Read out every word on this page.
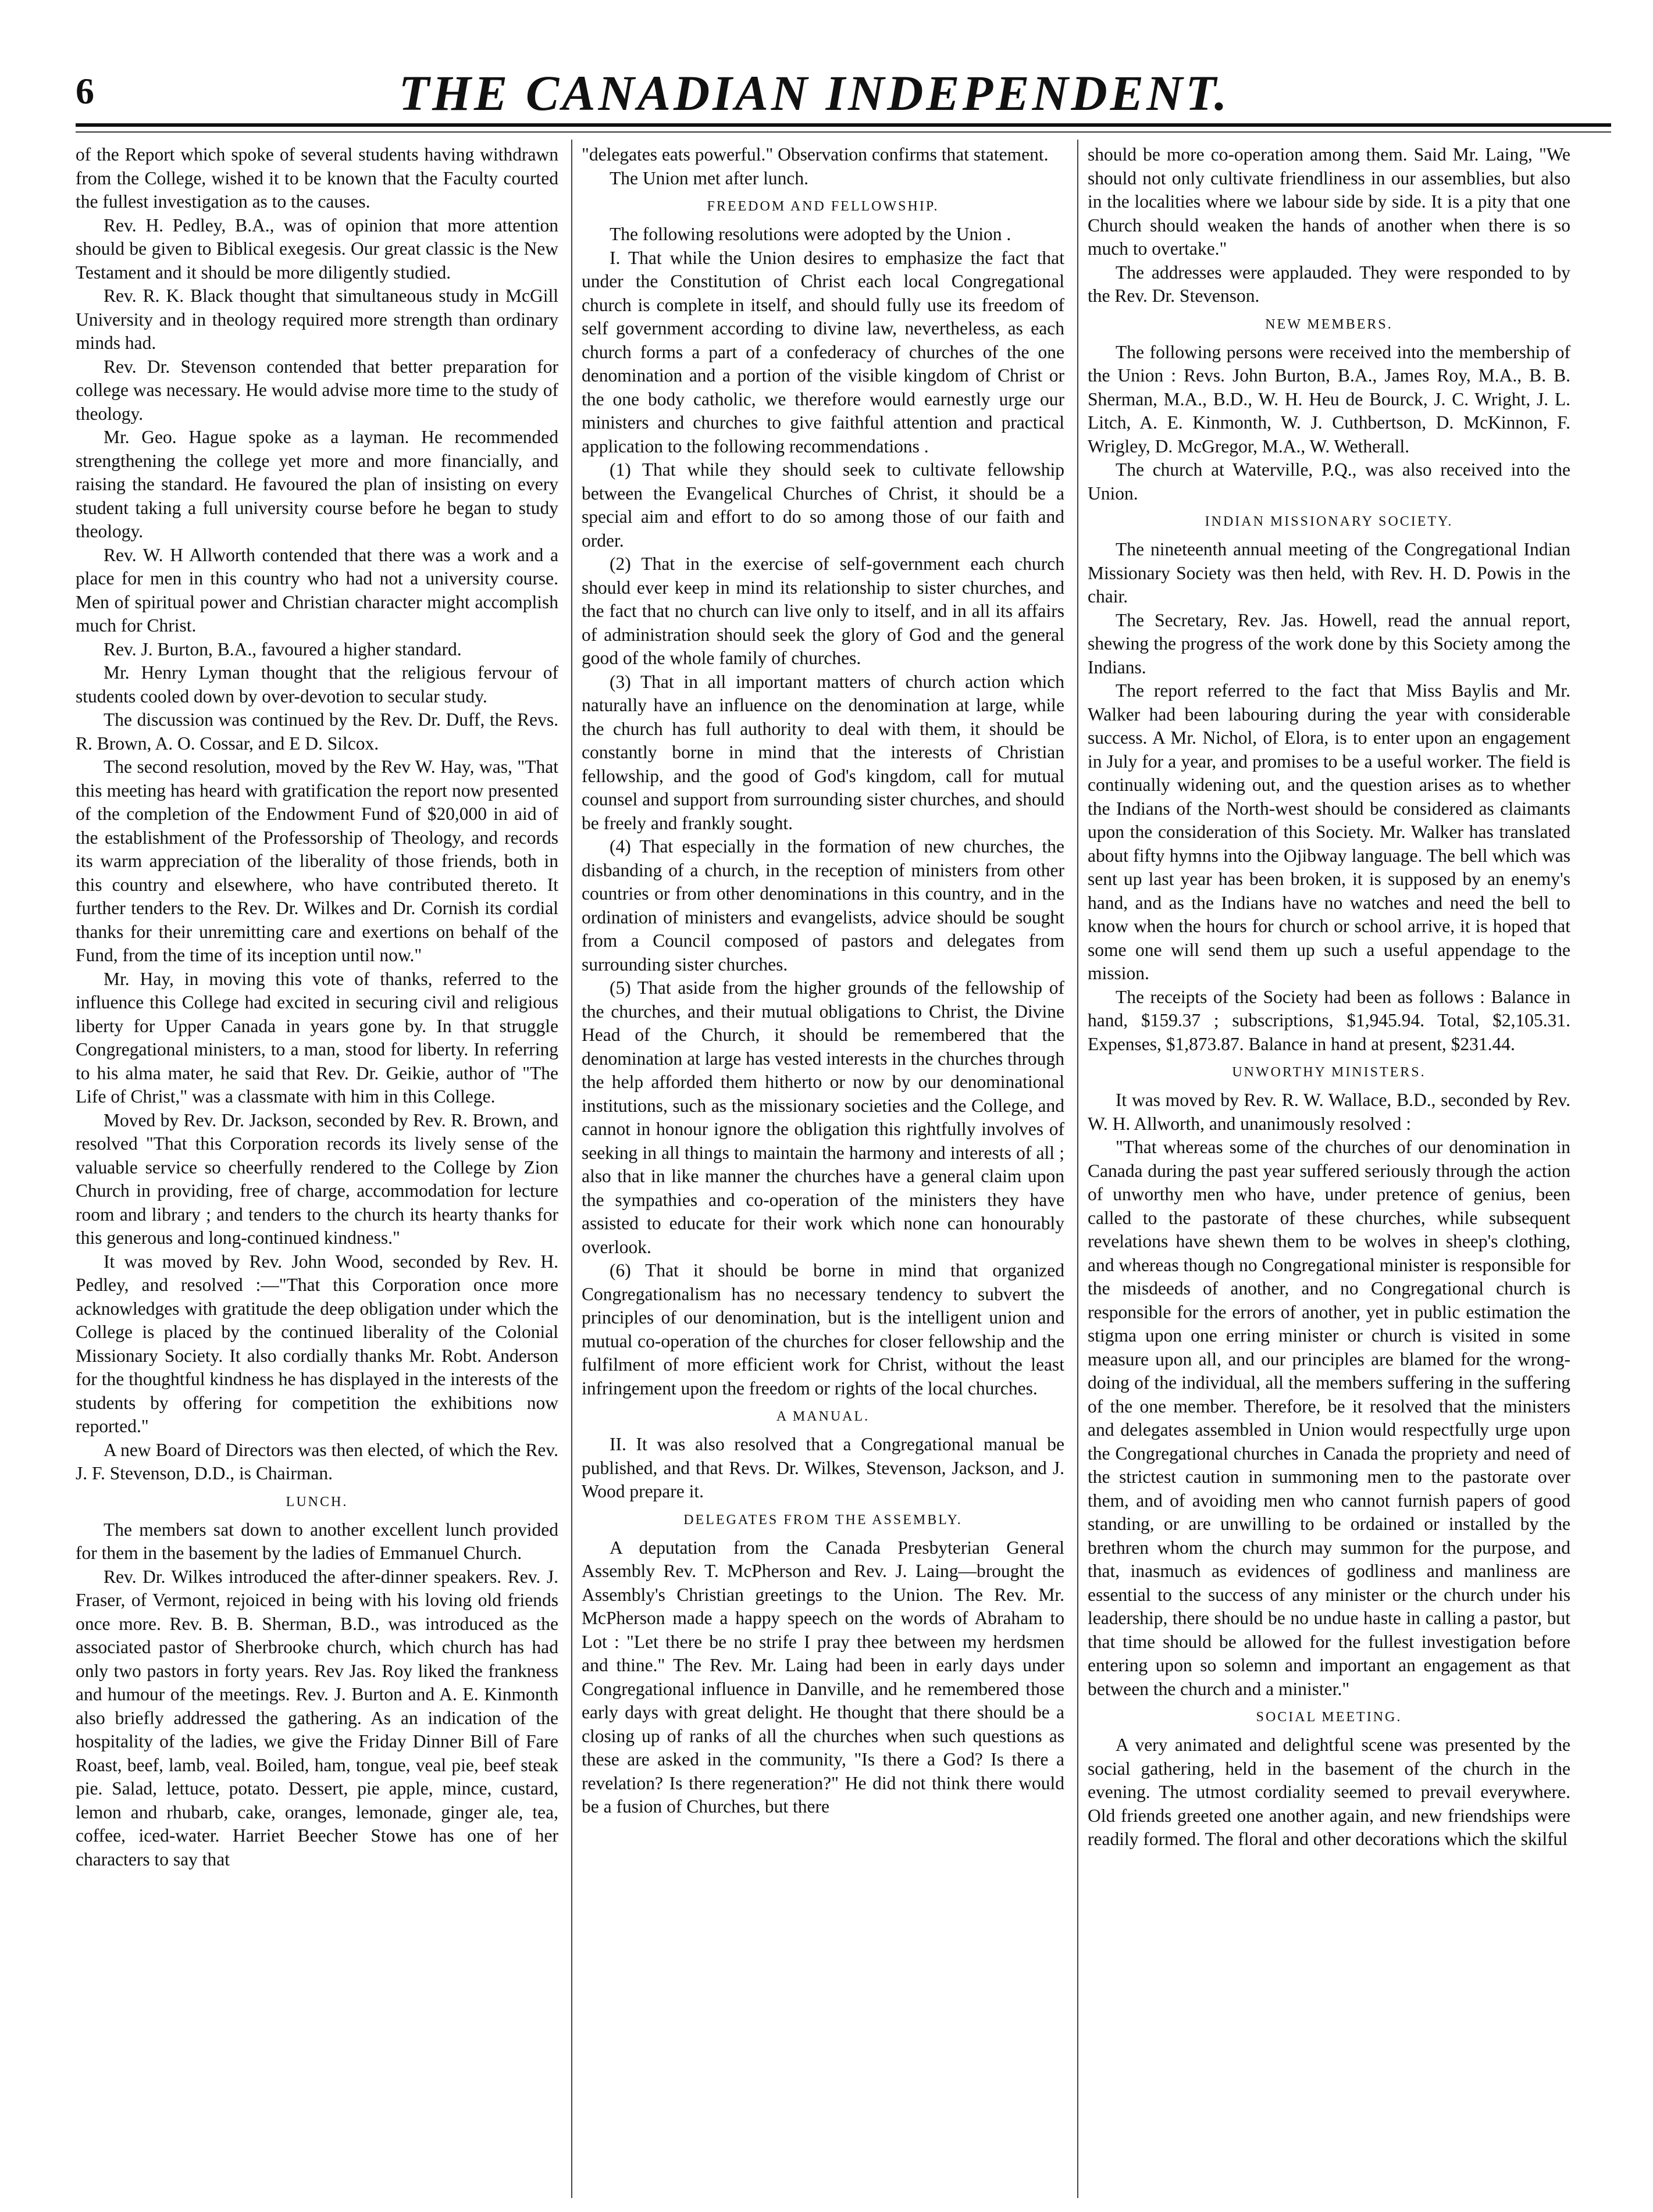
6	THE CANADIAN INDEPENDENT.

of the Report which spoke of several students having withdrawn from the College, wished it to be known that the Faculty courted the fullest investigation as to the causes.

Rev. H. Pedley, B.A., was of opinion that more attention should be given to Biblical exegesis. Our great classic is the New Testament and it should be more diligently studied.

Rev. R. K. Black thought that simultaneous study in McGill University and in theology required more strength than ordinary minds had.

Rev. Dr. Stevenson contended that better preparation for college was necessary. He would advise more time to the study of theology.

Mr. Geo. Hague spoke as a layman. He recommended strengthening the college yet more and more financially, and raising the standard. He favoured the plan of insisting on every student taking a full university course before he began to study theology.

Rev. W. H Allworth contended that there was a work and a place for men in this country who had not a university course. Men of spiritual power and Christian character might accomplish much for Christ.

Rev. J. Burton, B.A., favoured a higher standard.

Mr. Henry Lyman thought that the religious fervour of students cooled down by over-devotion to secular study.

The discussion was continued by the Rev. Dr. Duff, the Revs. R. Brown, A. O. Cossar, and E D. Silcox.

The second resolution, moved by the Rev W. Hay, was, "That this meeting has heard with gratification the report now presented of the completion of the Endowment Fund of $20,000 in aid of the establishment of the Professorship of Theology, and records its warm appreciation of the liberality of those friends, both in this country and elsewhere, who have contributed thereto. It further tenders to the Rev. Dr. Wilkes and Dr. Cornish its cordial thanks for their unremitting care and exertions on behalf of the Fund, from the time of its inception until now."

Mr. Hay, in moving this vote of thanks, referred to the influence this College had excited in securing civil and religious liberty for Upper Canada in years gone by. In that struggle Congregational ministers, to a man, stood for liberty. In referring to his alma mater, he said that Rev. Dr. Geikie, author of "The Life of Christ," was a classmate with him in this College.

Moved by Rev. Dr. Jackson, seconded by Rev. R. Brown, and resolved "That this Corporation records its lively sense of the valuable service so cheerfully rendered to the College by Zion Church in providing, free of charge, accommodation for lecture room and library ; and tenders to the church its hearty thanks for this generous and long-continued kindness."

It was moved by Rev. John Wood, seconded by Rev. H. Pedley, and resolved :—"That this Corporation once more acknowledges with gratitude the deep obligation under which the College is placed by the continued liberality of the Colonial Missionary Society. It also cordially thanks Mr. Robt. Anderson for the thoughtful kindness he has displayed in the interests of the students by offering for competition the exhibitions now reported."

A new Board of Directors was then elected, of which the Rev. J. F. Stevenson, D.D., is Chairman.

LUNCH.

The members sat down to another excellent lunch provided for them in the basement by the ladies of Emmanuel Church.

Rev. Dr. Wilkes introduced the after-dinner speakers. Rev. J. Fraser, of Vermont, rejoiced in being with his loving old friends once more. Rev. B. B. Sherman, B.D., was introduced as the associated pastor of Sherbrooke church, which church has had only two pastors in forty years. Rev Jas. Roy liked the frankness and humour of the meetings. Rev. J. Burton and A. E. Kinmonth also briefly addressed the gathering. As an indication of the hospitality of the ladies, we give the Friday Dinner Bill of Fare Roast, beef, lamb, veal. Boiled, ham, tongue, veal pie, beef steak pie. Salad, lettuce, potato. Dessert, pie apple, mince, custard, lemon and rhubarb, cake, oranges, lemonade, ginger ale, tea, coffee, iced-water. Harriet Beecher Stowe has one of her characters to say that

"delegates eats powerful." Observation confirms that statement.

The Union met after lunch.

FREEDOM AND FELLOWSHIP.

The following resolutions were adopted by the Union .

I. That while the Union desires to emphasize the fact that under the Constitution of Christ each local Congregational church is complete in itself, and should fully use its freedom of self government according to divine law, nevertheless, as each church forms a part of a confederacy of churches of the one denomination and a portion of the visible kingdom of Christ or the one body catholic, we therefore would earnestly urge our ministers and churches to give faithful attention and practical application to the following recommendations .

(1) That while they should seek to cultivate fellowship between the Evangelical Churches of Christ, it should be a special aim and effort to do so among those of our faith and order.

(2) That in the exercise of self-government each church should ever keep in mind its relationship to sister churches, and the fact that no church can live only to itself, and in all its affairs of administration should seek the glory of God and the general good of the whole family of churches.

(3) That in all important matters of church action which naturally have an influence on the denomination at large, while the church has full authority to deal with them, it should be constantly borne in mind that the interests of Christian fellowship, and the good of God's kingdom, call for mutual counsel and support from surrounding sister churches, and should be freely and frankly sought.

(4) That especially in the formation of new churches, the disbanding of a church, in the reception of ministers from other countries or from other denominations in this country, and in the ordination of ministers and evangelists, advice should be sought from a Council composed of pastors and delegates from surrounding sister churches.

(5) That aside from the higher grounds of the fellowship of the churches, and their mutual obligations to Christ, the Divine Head of the Church, it should be remembered that the denomination at large has vested interests in the churches through the help afforded them hitherto or now by our denominational institutions, such as the missionary societies and the College, and cannot in honour ignore the obligation this rightfully involves of seeking in all things to maintain the harmony and interests of all ; also that in like manner the churches have a general claim upon the sympathies and co-operation of the ministers they have assisted to educate for their work which none can honourably overlook.

(6) That it should be borne in mind that organized Congregationalism has no necessary tendency to subvert the principles of our denomination, but is the intelligent union and mutual co-operation of the churches for closer fellowship and the fulfilment of more efficient work for Christ, without the least infringement upon the freedom or rights of the local churches.

A MANUAL.

II. It was also resolved that a Congregational manual be published, and that Revs. Dr. Wilkes, Stevenson, Jackson, and J. Wood prepare it.

DELEGATES FROM THE ASSEMBLY.

A deputation from the Canada Presbyterian General Assembly Rev. T. McPherson and Rev. J. Laing—brought the Assembly's Christian greetings to the Union. The Rev. Mr. McPherson made a happy speech on the words of Abraham to Lot : "Let there be no strife I pray thee between my herdsmen and thine." The Rev. Mr. Laing had been in early days under Congregational influence in Danville, and he remembered those early days with great delight. He thought that there should be a closing up of ranks of all the churches when such questions as these are asked in the community, "Is there a God? Is there a revelation? Is there regeneration?" He did not think there would be a fusion of Churches, but there

should be more co-operation among them. Said Mr. Laing, "We should not only cultivate friendliness in our assemblies, but also in the localities where we labour side by side. It is a pity that one Church should weaken the hands of another when there is so much to overtake."

The addresses were applauded. They were responded to by the Rev. Dr. Stevenson.

NEW MEMBERS.

The following persons were received into the membership of the Union : Revs. John Burton, B.A., James Roy, M.A., B. B. Sherman, M.A., B.D., W. H. Heu de Bourck, J. C. Wright, J. L. Litch, A. E. Kinmonth, W. J. Cuthbertson, D. McKinnon, F. Wrigley, D. McGregor, M.A., W. Wetherall.

The church at Waterville, P.Q., was also received into the Union.

INDIAN MISSIONARY SOCIETY.

The nineteenth annual meeting of the Congregational Indian Missionary Society was then held, with Rev. H. D. Powis in the chair.

The Secretary, Rev. Jas. Howell, read the annual report, shewing the progress of the work done by this Society among the Indians.

The report referred to the fact that Miss Baylis and Mr. Walker had been labouring during the year with considerable success. A Mr. Nichol, of Elora, is to enter upon an engagement in July for a year, and promises to be a useful worker. The field is continually widening out, and the question arises as to whether the Indians of the North-west should be considered as claimants upon the consideration of this Society. Mr. Walker has translated about fifty hymns into the Ojibway language. The bell which was sent up last year has been broken, it is supposed by an enemy's hand, and as the Indians have no watches and need the bell to know when the hours for church or school arrive, it is hoped that some one will send them up such a useful appendage to the mission.

The receipts of the Society had been as follows : Balance in hand, $159.37 ; subscriptions, $1,945.94. Total, $2,105.31. Expenses, $1,873.87. Balance in hand at present, $231.44.

UNWORTHY MINISTERS.

It was moved by Rev. R. W. Wallace, B.D., seconded by Rev. W. H. Allworth, and unanimously resolved :

"That whereas some of the churches of our denomination in Canada during the past year suffered seriously through the action of unworthy men who have, under pretence of genius, been called to the pastorate of these churches, while subsequent revelations have shewn them to be wolves in sheep's clothing, and whereas though no Congregational minister is responsible for the misdeeds of another, and no Congregational church is responsible for the errors of another, yet in public estimation the stigma upon one erring minister or church is visited in some measure upon all, and our principles are blamed for the wrong-doing of the individual, all the members suffering in the suffering of the one member. Therefore, be it resolved that the ministers and delegates assembled in Union would respectfully urge upon the Congregational churches in Canada the propriety and need of the strictest caution in summoning men to the pastorate over them, and of avoiding men who cannot furnish papers of good standing, or are unwilling to be ordained or installed by the brethren whom the church may summon for the purpose, and that, inasmuch as evidences of godliness and manliness are essential to the success of any minister or the church under his leadership, there should be no undue haste in calling a pastor, but that time should be allowed for the fullest investigation before entering upon so solemn and important an engagement as that between the church and a minister."

SOCIAL MEETING.

A very animated and delightful scene was presented by the social gathering, held in the basement of the church in the evening. The utmost cordiality seemed to prevail everywhere. Old friends greeted one another again, and new friendships were readily formed. The floral and other decorations which the skilful
